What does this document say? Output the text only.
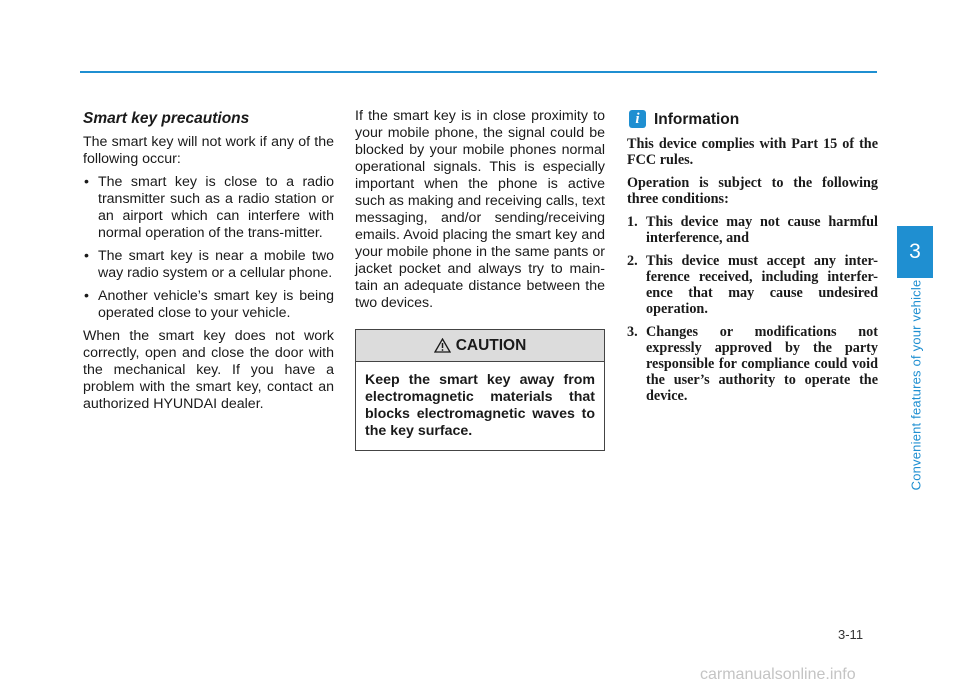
Smart key precautions

The smart key will not work if any of the following occur:

• The smart key is close to a radio transmitter such as a radio station or an airport which can interfere with normal operation of the trans-mitter.
• The smart key is near a mobile two way radio system or a cellular phone.
• Another vehicle’s smart key is being operated close to your vehicle.

When the smart key does not work correctly, open and close the door with the mechanical key. If you have a problem with the smart key, contact an authorized HYUNDAI dealer.

If the smart key is in close proximity to your mobile phone, the signal could be blocked by your mobile phones normal operational signals. This is especially important when the phone is active such as making and receiving calls, text messaging, and/or sending/receiving emails. Avoid placing the smart key and your mobile phone in the same pants or jacket pocket and always try to main-tain an adequate distance between the two devices.

CAUTION
Keep the smart key away from electromagnetic materials that blocks electromagnetic waves to the key surface.
i Information

This device complies with Part 15 of the FCC rules.

Operation is subject to the following three conditions:

1. This device may not cause harmful interference, and
2. This device must accept any inter-ference received, including interfer-ence that may cause undesired operation.
3. Changes or modifications not expressly approved by the party responsible for compliance could void the user’s authority to operate the device.
3
Convenient features of your vehicle
3-11
carmanualsonline.info
